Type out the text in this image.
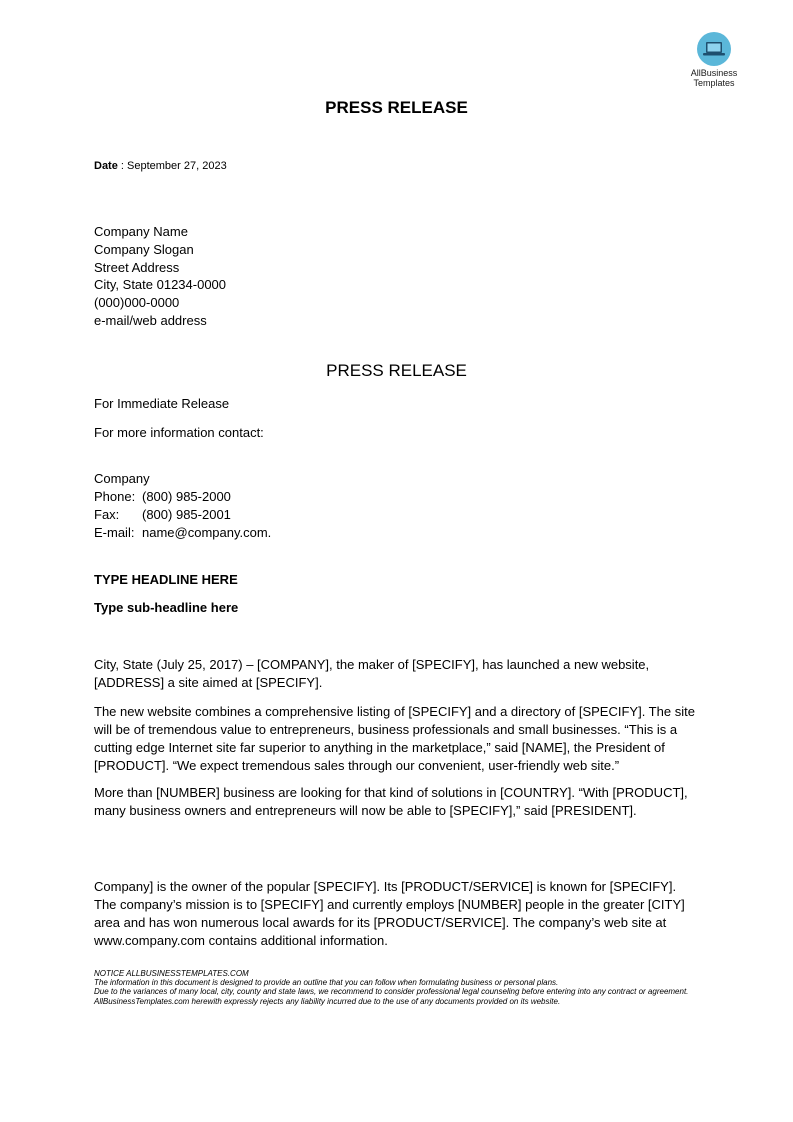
AllBusiness
Templates
PRESS RELEASE
Date : September 27, 2023
Company Name
Company Slogan
Street Address
City, State 01234-0000
(000)000-0000
e-mail/web address
PRESS RELEASE
For Immediate Release
For more information contact:
Company
Phone: (800) 985-2000
Fax:	(800) 985-2001
E-mail: name@company.com.
TYPE HEADLINE HERE
Type sub-headline here
City, State (July 25, 2017) – [COMPANY], the maker of [SPECIFY], has launched a new website, [ADDRESS] a site aimed at [SPECIFY].
The new website combines a comprehensive listing of [SPECIFY] and a directory of [SPECIFY]. The site will be of tremendous value to entrepreneurs, business professionals and small businesses. “This is a cutting edge Internet site far superior to anything in the marketplace,” said [NAME], the President of [PRODUCT]. “We expect tremendous sales through our convenient, user-friendly web site.”
More than [NUMBER] business are looking for that kind of solutions in [COUNTRY]. “With [PRODUCT], many business owners and entrepreneurs will now be able to [SPECIFY],” said [PRESIDENT].
Company] is the owner of the popular [SPECIFY]. Its [PRODUCT/SERVICE] is known for [SPECIFY]. The company’s mission is to [SPECIFY] and currently employs [NUMBER] people in the greater [CITY] area and has won numerous local awards for its [PRODUCT/SERVICE]. The company’s web site at www.company.com contains additional information.
NOTICE ALLBUSINESSTEMPLATES.COM
The information in this document is designed to provide an outline that you can follow when formulating business or personal plans.
Due to the variances of many local, city, county and state laws, we recommend to consider professional legal counseling before entering into any contract or agreement. AllBusinessTemplates.com herewith expressly rejects any liability incurred due to the use of any documents provided on its website.
